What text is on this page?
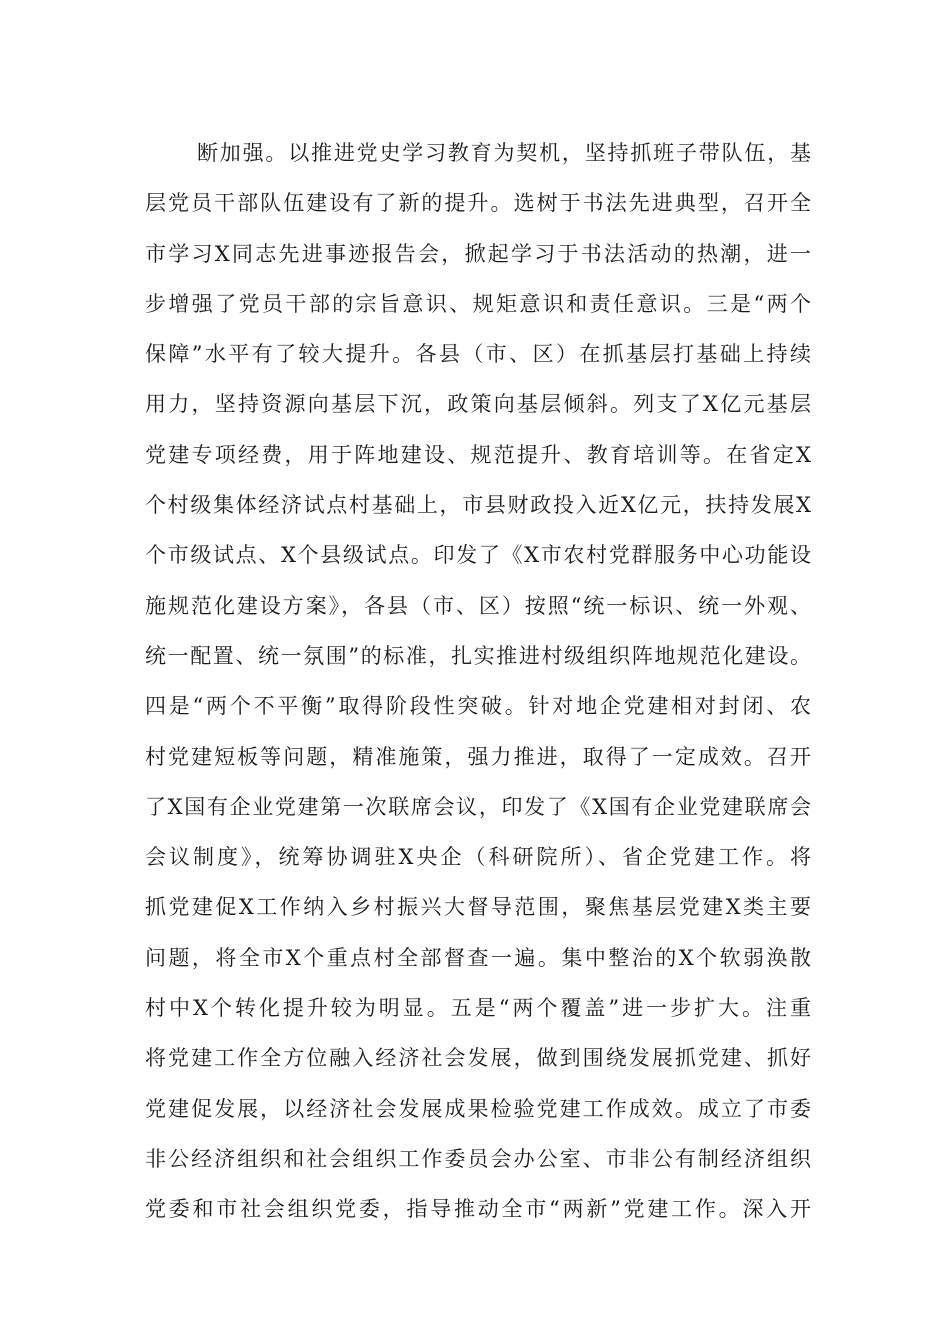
断加强。以推进党史学习教育为契机，坚持抓班子带队伍，基
层党员干部队伍建设有了新的提升。选树于书法先进典型，召开全
市学习X同志先进事迹报告会，掀起学习于书法活动的热潮，进一
步增强了党员干部的宗旨意识、规矩意识和责任意识。三是“两个
保障”水平有了较大提升。各县（市、区）在抓基层打基础上持续
用力，坚持资源向基层下沉，政策向基层倾斜。列支了X亿元基层
党建专项经费，用于阵地建设、规范提升、教育培训等。在省定X
个村级集体经济试点村基础上，市县财政投入近X亿元，扶持发展X
个市级试点、X个县级试点。印发了《X市农村党群服务中心功能设
施规范化建设方案》，各县（市、区）按照“统一标识、统一外观、
统一配置、统一氛围”的标准，扎实推进村级组织阵地规范化建设。
四是“两个不平衡”取得阶段性突破。针对地企党建相对封闭、农
村党建短板等问题，精准施策，强力推进，取得了一定成效。召开
了X国有企业党建第一次联席会议，印发了《X国有企业党建联席会
会议制度》，统筹协调驻X央企（科研院所）、省企党建工作。将
抓党建促X工作纳入乡村振兴大督导范围，聚焦基层党建X类主要
问题，将全市X个重点村全部督查一遍。集中整治的X个软弱涣散
村中X个转化提升较为明显。五是“两个覆盖”进一步扩大。注重
将党建工作全方位融入经济社会发展，做到围绕发展抓党建、抓好
党建促发展，以经济社会发展成果检验党建工作成效。成立了市委
非公经济组织和社会组织工作委员会办公室、市非公有制经济组织
党委和市社会组织党委，指导推动全市“两新”党建工作。深入开
